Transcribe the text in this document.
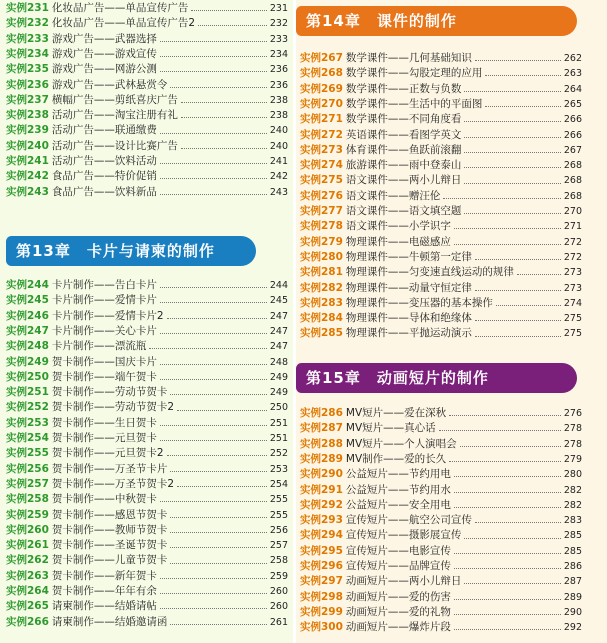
实例231 化妆品广告 —— 单品宣传广告	231
实例232 化妆品广告 —— 单品宣传广告2	232
实例233 游戏广告 —— 武器选择	233
实例234 游戏广告 —— 游戏宣传	234
实例235 游戏广告 —— 网游公测	236
实例236 游戏广告 —— 武林悬赏令	236
实例237 横幅广告 —— 剪纸喜庆广告	238
实例238 活动广告 —— 淘宝注册有礼	238
实例239 活动广告 —— 联通缴费	240
实例240 活动广告 —— 设计比赛广告	240
实例241 活动广告 —— 饮料活动	241
实例242 食品广告 —— 特价促销	242
实例243 食品广告 —— 饮料新品	243
第13章　卡片与请柬的制作
实例244 卡片制作 —— 告白卡片	244
实例245 卡片制作 —— 爱情卡片	245
实例246 卡片制作 —— 爱情卡片2	247
实例247 卡片制作 —— 关心卡片	247
实例248 卡片制作 —— 漂流瓶	247
实例249 贺卡制作 —— 国庆卡片	248
实例250 贺卡制作 —— 端午贺卡	249
实例251 贺卡制作 —— 劳动节贺卡	249
实例252 贺卡制作 —— 劳动节贺卡2	250
实例253 贺卡制作 —— 生日贺卡	251
实例254 贺卡制作 —— 元旦贺卡	251
实例255 贺卡制作 —— 元旦贺卡2	252
实例256 贺卡制作 —— 万圣节卡片	253
实例257 贺卡制作 —— 万圣节贺卡2	254
实例258 贺卡制作 —— 中秋贺卡	255
实例259 贺卡制作 —— 感恩节贺卡	255
实例260 贺卡制作 —— 教师节贺卡	256
实例261 贺卡制作 —— 圣诞节贺卡	257
实例262 贺卡制作 —— 儿童节贺卡	258
实例263 贺卡制作 —— 新年贺卡	259
实例264 贺卡制作 —— 年年有余	260
实例265 请柬制作 —— 结婚请帖	260
实例266 请柬制作 —— 结婚邀请函	261
第14章　课件的制作
实例267 数学课件 —— 几何基础知识	262
实例268 数学课件 —— 勾股定理的应用	263
实例269 数学课件 —— 正数与负数	264
实例270 数学课件 —— 生活中的平面图	265
实例271 数学课件 —— 不同角度看	266
实例272 英语课件 —— 看图学英文	266
实例273 体育课件 —— 鱼跃前滚翻	267
实例274 旅游课件 —— 雨中登泰山	268
实例275 语文课件 —— 两小儿辩日	268
实例276 语文课件 —— 赠汪伦	268
实例277 语文课件 —— 语文填空题	270
实例278 语文课件 —— 小学识字	271
实例279 物理课件 —— 电磁感应	272
实例280 物理课件 —— 牛顿第一定律	272
实例281 物理课件 —— 匀变速直线运动的规律	273
实例282 物理课件 —— 动量守恒定律	273
实例283 物理课件 —— 变压器的基本操作	274
实例284 物理课件 —— 导体和绝缘体	275
实例285 物理课件 —— 平抛运动演示	275
第15章　动画短片的制作
实例286 MV短片 —— 爱在深秋	276
实例287 MV短片 —— 真心话	278
实例288 MV短片 —— 个人演唱会	278
实例289 MV制作 —— 爱的长久	279
实例290 公益短片 —— 节约用电	280
实例291 公益短片 —— 节约用水	282
实例292 公益短片 —— 安全用电	282
实例293 宣传短片 —— 航空公司宣传	283
实例294 宣传短片 —— 摄影展宣传	285
实例295 宣传短片 —— 电影宣传	285
实例296 宣传短片 —— 品牌宣传	286
实例297 动画短片 —— 两小儿辩日	287
实例298 动画短片 —— 爱的伤害	289
实例299 动画短片 —— 爱的礼物	290
实例300 动画短片 —— 爆炸片段	292
